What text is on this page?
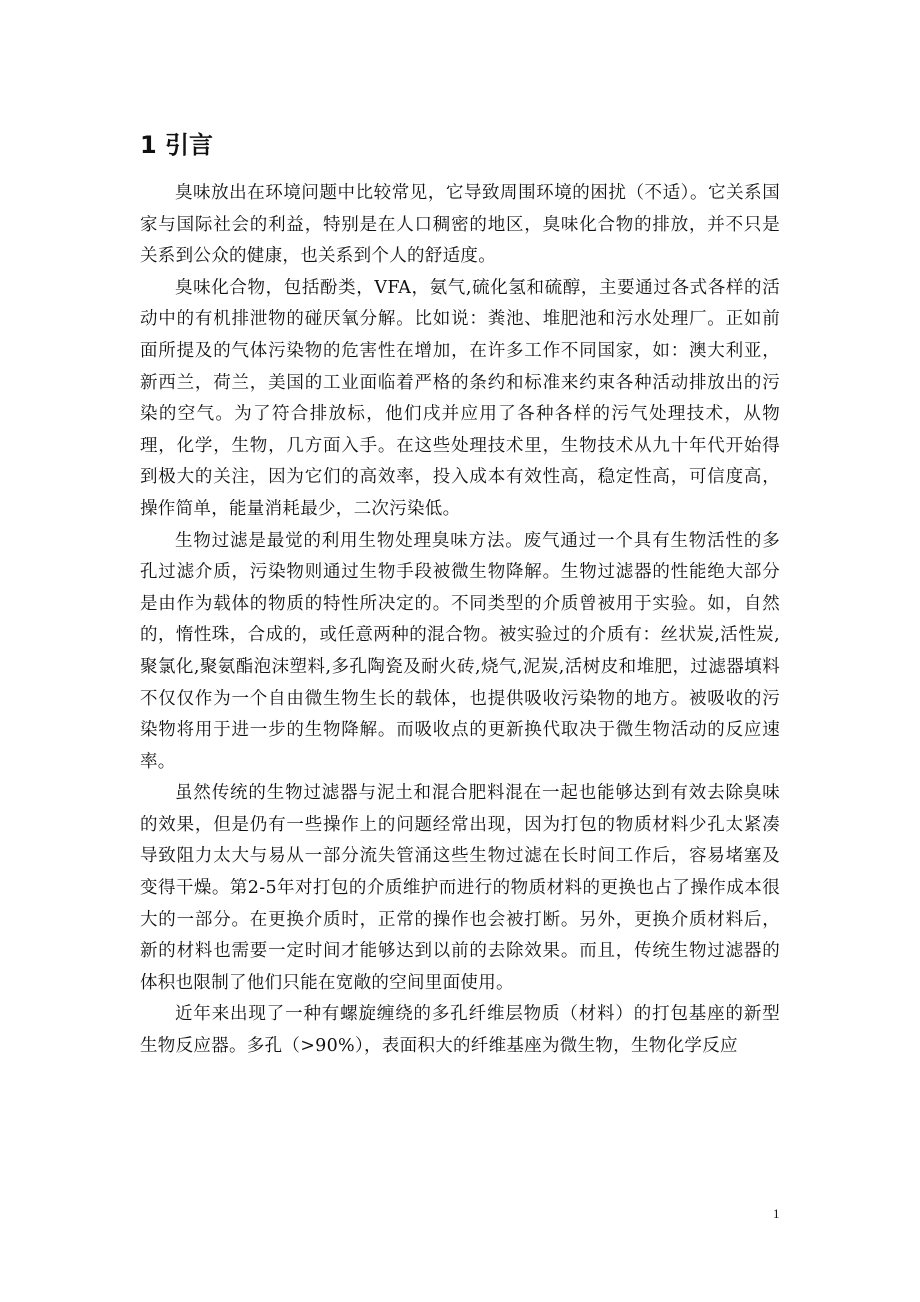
1 引言

臭味放出在环境问题中比较常见，它导致周围环境的困扰（不适）。它关系国家与国际社会的利益，特别是在人口稠密的地区，臭味化合物的排放，并不只是关系到公众的健康，也关系到个人的舒适度。

臭味化合物，包括酚类，VFA，氨气,硫化氢和硫醇，主要通过各式各样的活动中的有机排泄物的碰厌氧分解。比如说：粪池、堆肥池和污水处理厂。正如前面所提及的气体污染物的危害性在增加，在许多工作不同国家，如：澳大利亚，新西兰，荷兰，美国的工业面临着严格的条约和标准来约束各种活动排放出的污染的空气。为了符合排放标，他们戌并应用了各种各样的污气处理技术，从物理，化学，生物，几方面入手。在这些处理技术里，生物技术从九十年代开始得到极大的关注，因为它们的高效率，投入成本有效性高，稳定性高，可信度高，操作简单，能量消耗最少，二次污染低。

生物过滤是最觉的利用生物处理臭味方法。废气通过一个具有生物活性的多孔过滤介质，污染物则通过生物手段被微生物降解。生物过滤器的性能绝大部分是由作为载体的物质的特性所决定的。不同类型的介质曾被用于实验。如，自然的，惰性珠，合成的，或任意两种的混合物。被实验过的介质有：丝状炭,活性炭,聚氯化,聚氨酯泡沫塑料,多孔陶瓷及耐火砖,烧气,泥炭,活树皮和堆肥，过滤器填料不仅仅作为一个自由微生物生长的载体，也提供吸收污染物的地方。被吸收的污染物将用于进一步的生物降解。而吸收点的更新换代取决于微生物活动的反应速率。

虽然传统的生物过滤器与泥土和混合肥料混在一起也能够达到有效去除臭味的效果，但是仍有一些操作上的问题经常出现，因为打包的物质材料少孔太紧凑导致阻力太大与易从一部分流失管涌这些生物过滤在长时间工作后，容易堵塞及变得干燥。第2-5年对打包的介质维护而进行的物质材料的更换也占了操作成本很大的一部分。在更换介质时，正常的操作也会被打断。另外，更换介质材料后，新的材料也需要一定时间才能够达到以前的去除效果。而且，传统生物过滤器的体积也限制了他们只能在宽敞的空间里面使用。

近年来出现了一种有螺旋缠绕的多孔纤维层物质（材料）的打包基座的新型生物反应器。多孔（>90%），表面积大的纤维基座为微生物，生物化学反应

1
